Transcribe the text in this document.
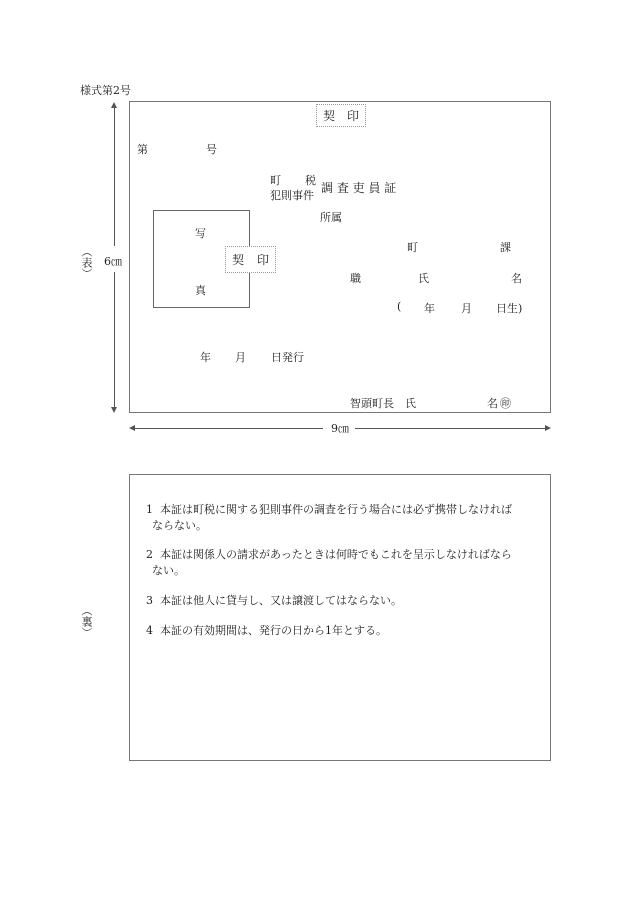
様式第2号
6㎝
（表）
9㎝
契 印
第	号
町 税
犯則事件
調 査 吏 員 証
所属
町	課
職	氏	名
( 年 月 日生)
写
真
契 印
年 月 日発行
智頭町長　氏	名 ㊞
（裏）
1 本証は町税に関する犯則事件の調査を行う場合には必ず携帯しなければ
ならない。
2 本証は関係人の請求があったときは何時でもこれを呈示しなければなら
ない。
3 本証は他人に貸与し、又は譲渡してはならない。
4 本証の有効期間は、発行の日から1年とする。
